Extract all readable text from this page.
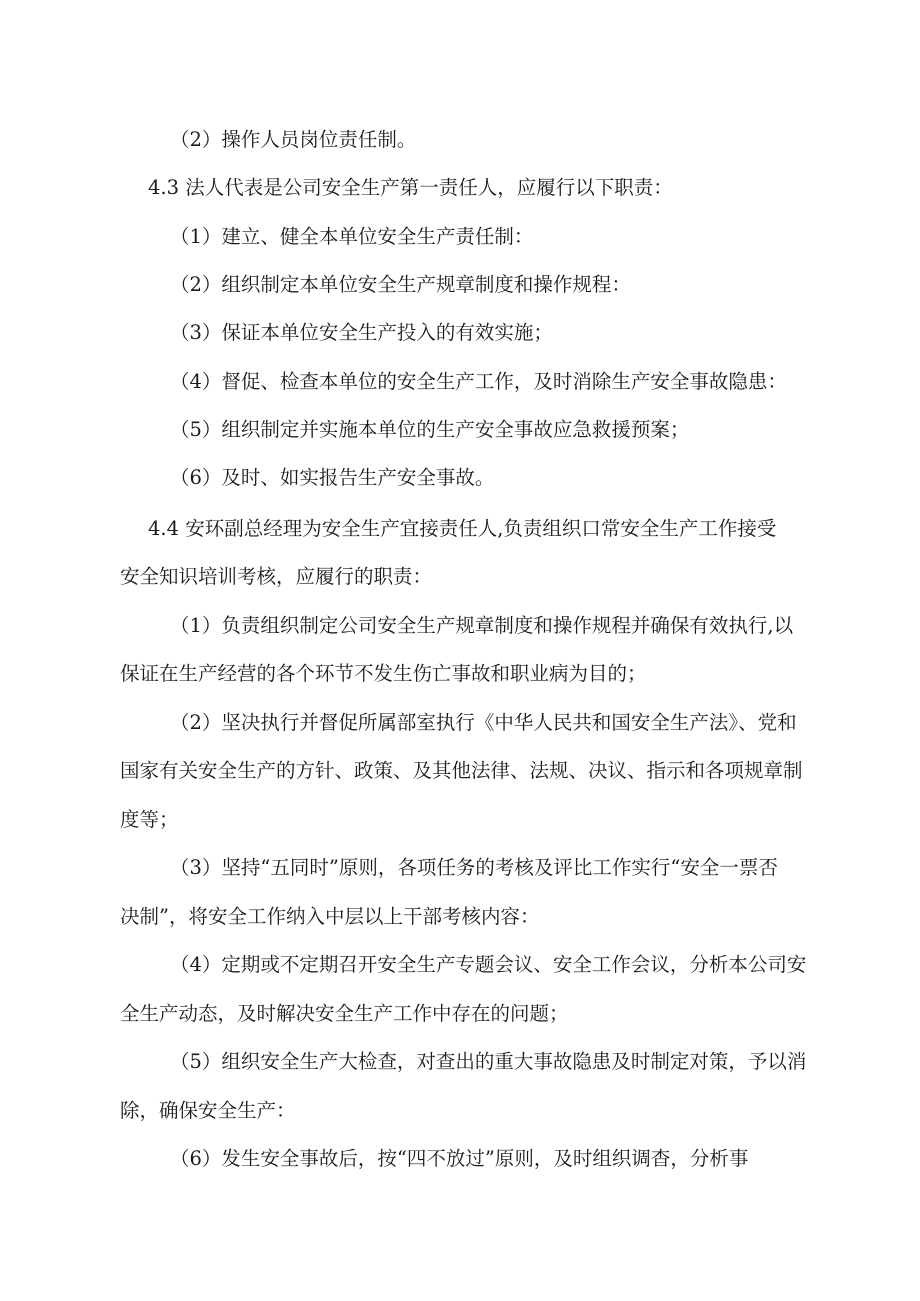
（2）操作人员岗位责任制。

4.3 法人代表是公司安全生产第一责任人，应履行以下职责：

（1）建立、健全本单位安全生产责任制：

（2）组织制定本单位安全生产规章制度和操作规程：

（3）保证本单位安全生产投入的有效实施；

（4）督促、检查本单位的安全生产工作，及时消除生产安全事故隐患：

（5）组织制定并实施本单位的生产安全事故应急救援预案；

（6）及时、如实报告生产安全事故。

4.4 安环副总经理为安全生产宜接责任人,负责组织口常安全生产工作接受

安全知识培训考核，应履行的职责：

（1）负责组织制定公司安全生产规章制度和操作规程并确保有效执行,以

保证在生产经营的各个环节不发生伤亡事故和职业病为目的；

（2）坚决执行并督促所属部室执行《中华人民共和国安全生产法》、党和

国家有关安全生产的方针、政策、及其他法律、法规、决议、指示和各项规章制

度等；

（3）坚持“五同时”原则，各项任务的考核及评比工作实行“安全一票否

决制”，将安全工作纳入中层以上干部考核内容：

（4）定期或不定期召开安全生产专题会议、安全工作会议，分析本公司安

全生产动态，及时解决安全生产工作中存在的问题；

（5）组织安全生产大检查，对查出的重大事故隐患及时制定对策，予以消

除，确保安全生产：

（6）发生安全事故后，按“四不放过”原则，及时组织调杳，分析事
